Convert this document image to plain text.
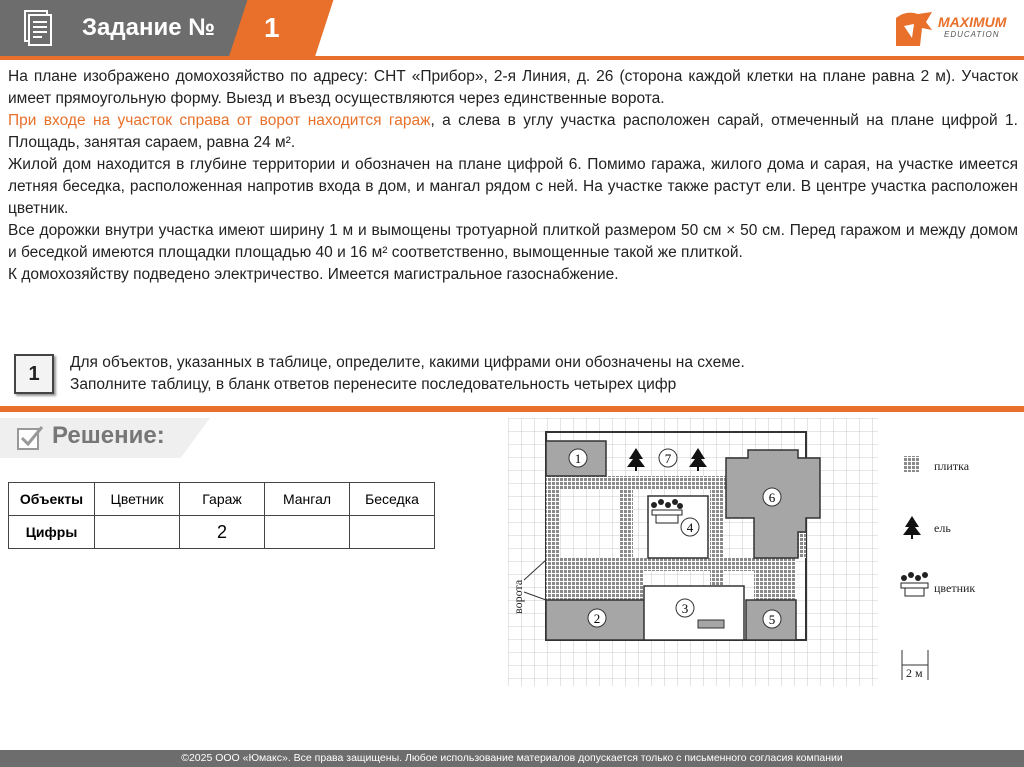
Задание № 1	MAXIMUM
EDUCATION

На плане изображено домохозяйство по адресу: СНТ «Прибор», 2-я Линия, д. 26 (сторона каждой клетки на плане равна 2 м). Участок имеет прямоугольную форму. Выезд и въезд осуществляются через единственные ворота.

При входе на участок справа от ворот находится гараж, а слева в углу участка расположен сарай, отмеченный на плане цифрой 1. Площадь, занятая сараем, равна 24 м².

Жилой дом находится в глубине территории и обозначен на плане цифрой 6. Помимо гаража, жилого дома и сарая, на участке имеется летняя беседка, расположенная напротив входа в дом, и мангал рядом с ней. На участке также растут ели. В центре участка расположен цветник.

Все дорожки внутри участка имеют ширину 1 м и вымощены тротуарной плиткой размером 50 см × 50 см. Перед гаражом и между домом и беседкой имеются площадки площадью 40 и 16 м² соответственно, вымощенные такой же плиткой.

К домохозяйству подведено электричество. Имеется магистральное газоснабжение.

1
Для объектов, указанных в таблице, определите, какими цифрами они обозначены на схеме.
Заполните таблицу, в бланк ответов перенесите последовательность четырех цифр
Решение:
Объекты	Цветник	Гараж	Мангал	Беседка
Цифры		2		
1	7
4
6
2
3
5
ворота
плитка
ель
цветник
2 м
©2025 ООО «Юмакс». Все права защищены. Любое использование материалов допускается только с письменного согласия компании
